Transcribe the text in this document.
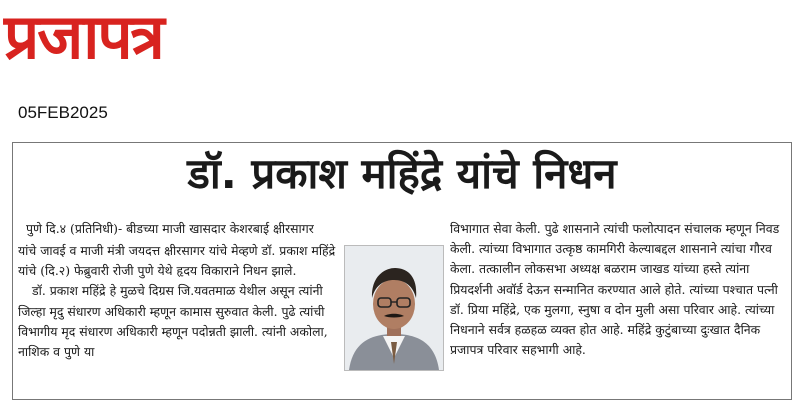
प्रजापत्र
05FEB2025
डॉ. प्रकाश महिंद्रे यांचे निधन

पुणे दि.४ (प्रतिनिधी)- बीडच्या माजी खासदार केशरबाई क्षीरसागर

यांचे जावई व माजी मंत्री जयदत्त क्षीरसागर यांचे मेव्हणे डॉ. प्रकाश महिंद्रे यांचे (दि.२) फेब्रुवारी रोजी पुणे येथे हृदय विकाराने निधन झाले.

डॉ. प्रकाश महिंद्रे हे मुळचे दिग्रस जि.यवतमाळ येथील असून त्यांनी जिल्हा मृदु संधारण अधिकारी म्हणून कामास सुरुवात केली. पुढे त्यांची विभागीय मृद संधारण अधिकारी म्हणून पदोन्नती झाली. त्यांनी अकोला, नाशिक व पुणे या

विभागात सेवा केली. पुढे शासनाने त्यांची फलोत्पादन संचालक म्हणून निवड केली. त्यांच्या विभागात उत्कृष्ठ कामगिरी केल्याबद्दल शासनाने त्यांचा गौरव केला. तत्कालीन लोकसभा अध्यक्ष बळराम जाखड यांच्या हस्ते त्यांना प्रियदर्शनी अवॉर्ड देऊन सन्मानित करण्यात आले होते. त्यांच्या पश्चात पत्नी डॉ. प्रिया महिंद्रे, एक मुलगा, स्नुषा व दोन मुली असा परिवार आहे. त्यांच्या निधनाने सर्वत्र हळहळ व्यक्त होत आहे. महिंद्रे कुटुंबाच्या दुःखात दैनिक प्रजापत्र परिवार सहभागी आहे.
